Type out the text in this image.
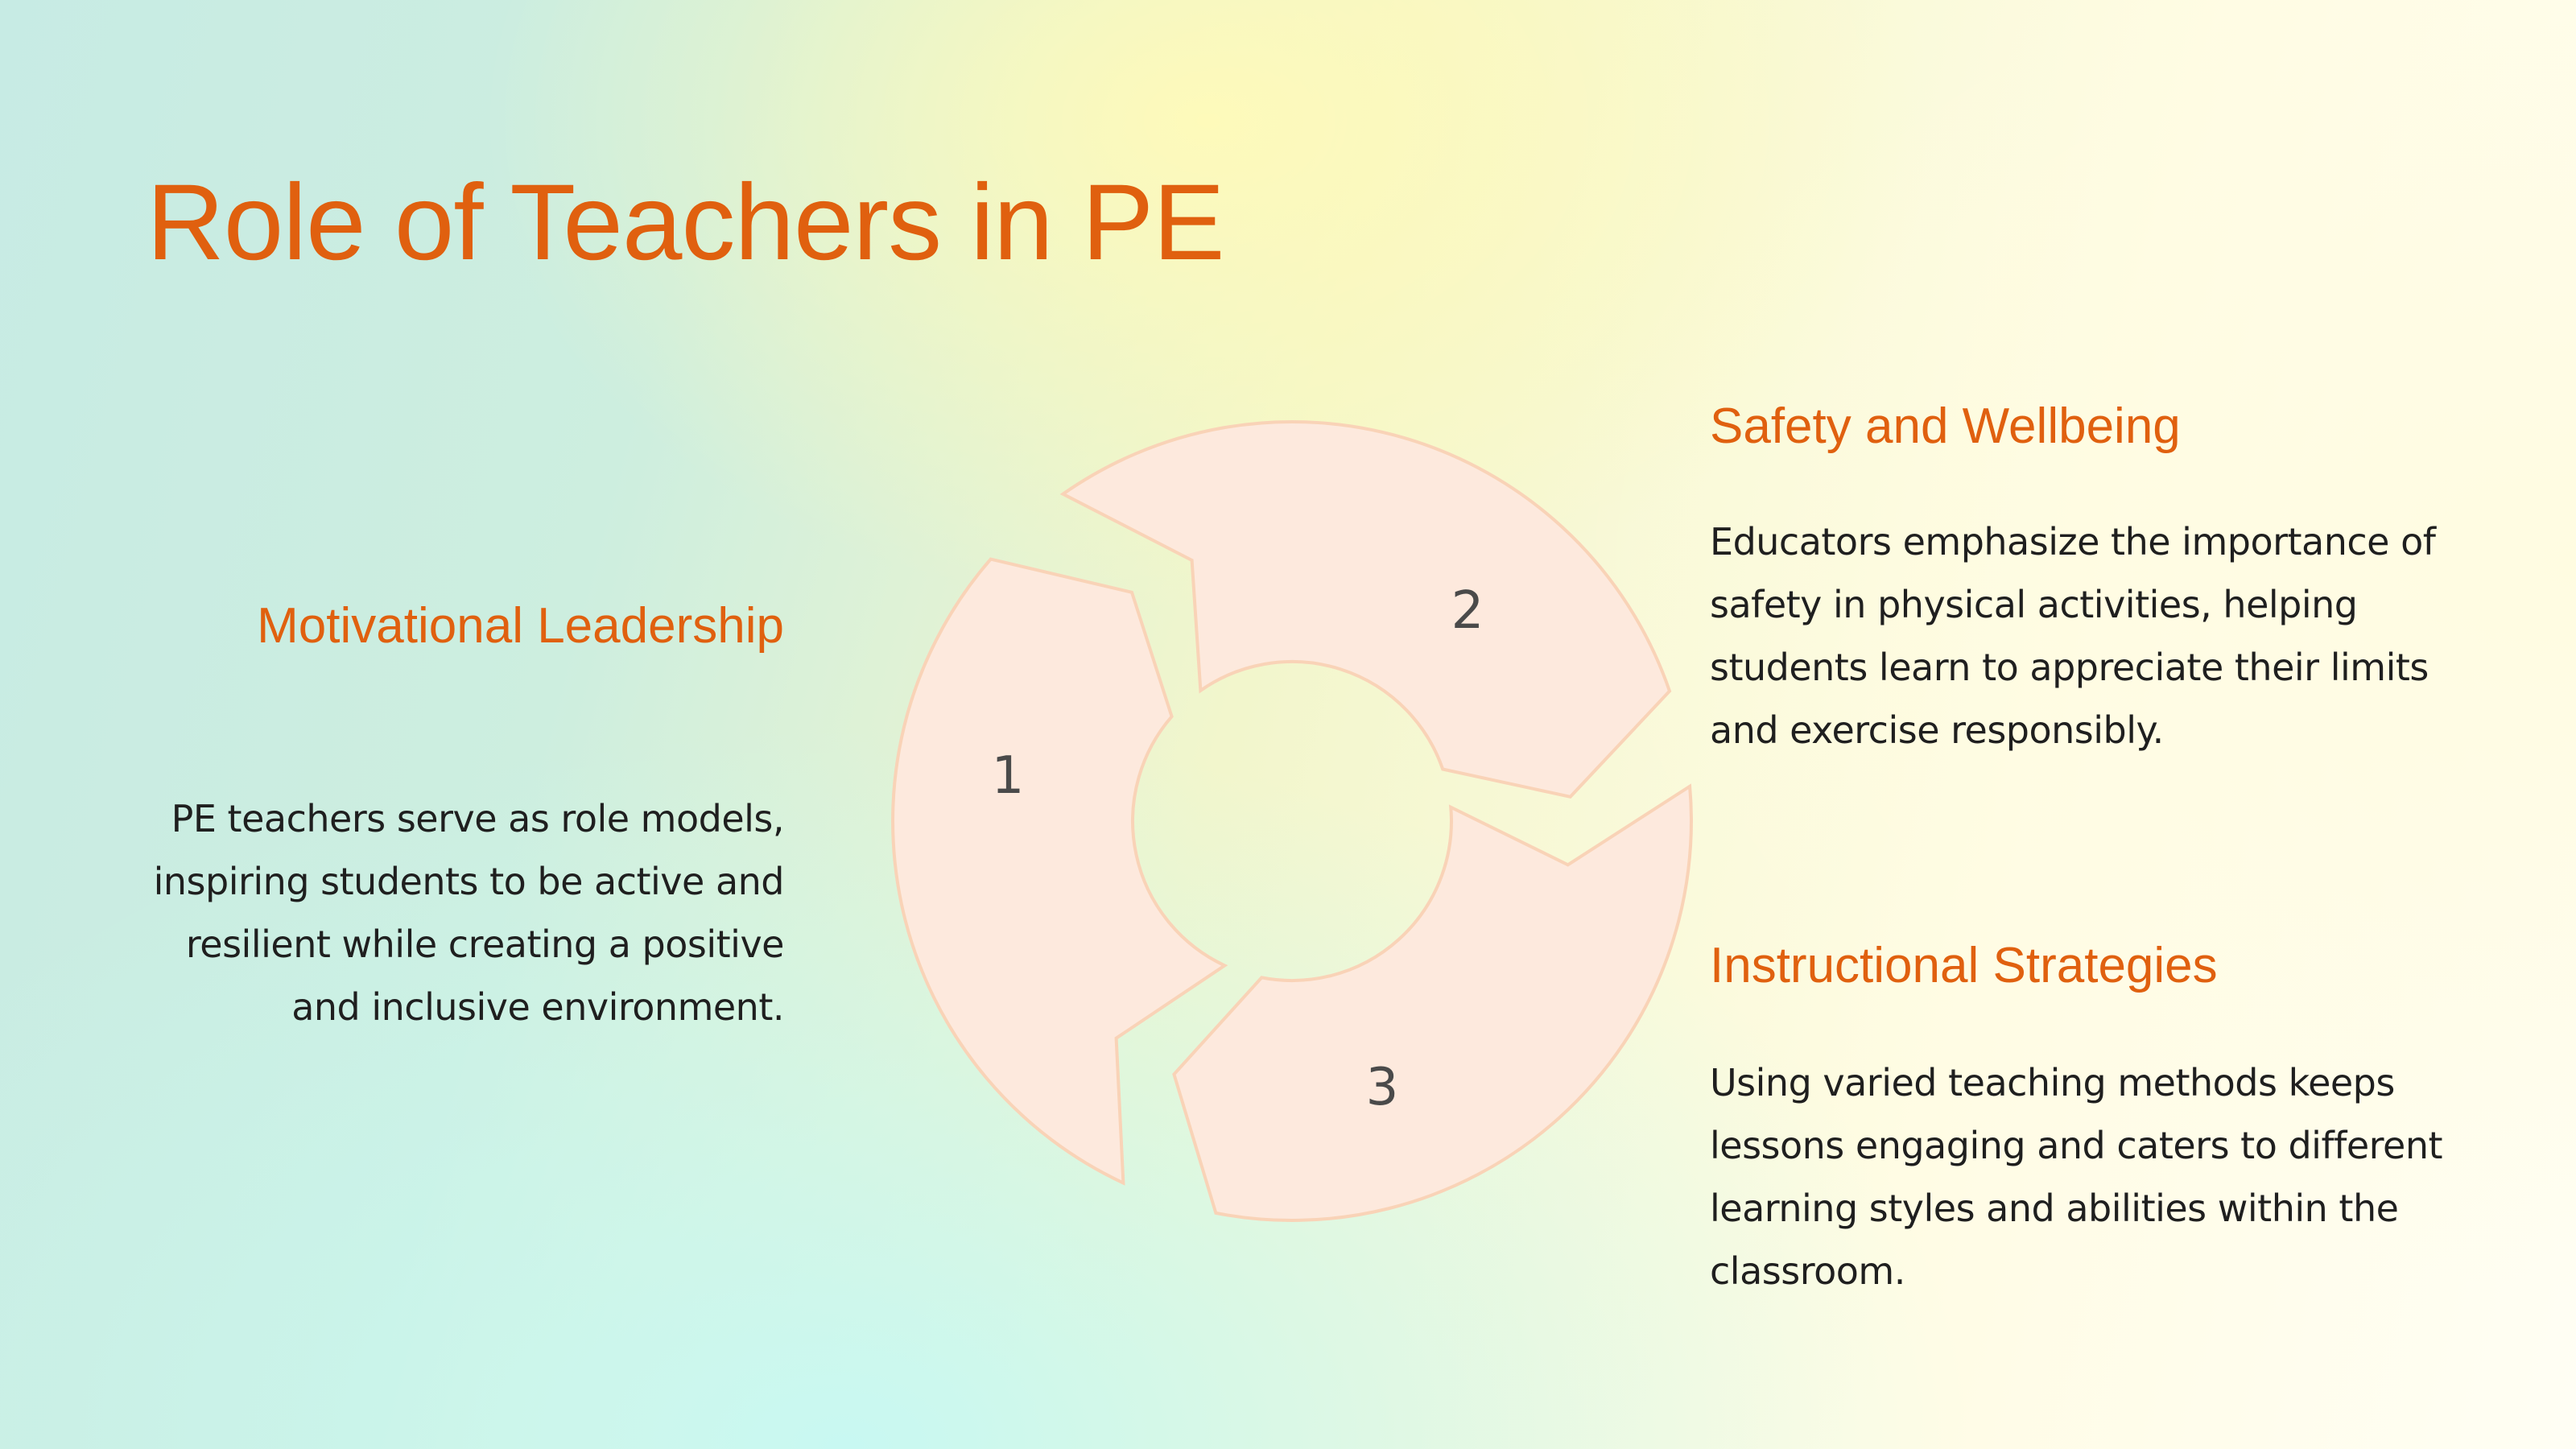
Role of Teachers in PE
Motivational Leadership

PE teachers serve as role models, inspiring students to be active and resilient while creating a positive and inclusive environment.

Safety and Wellbeing

Educators emphasize the importance of safety in physical activities, helping students learn to appreciate their limits and exercise responsibly.

Instructional Strategies

Using varied teaching methods keeps lessons engaging and caters to different learning styles and abilities within the classroom.

1
2
3
